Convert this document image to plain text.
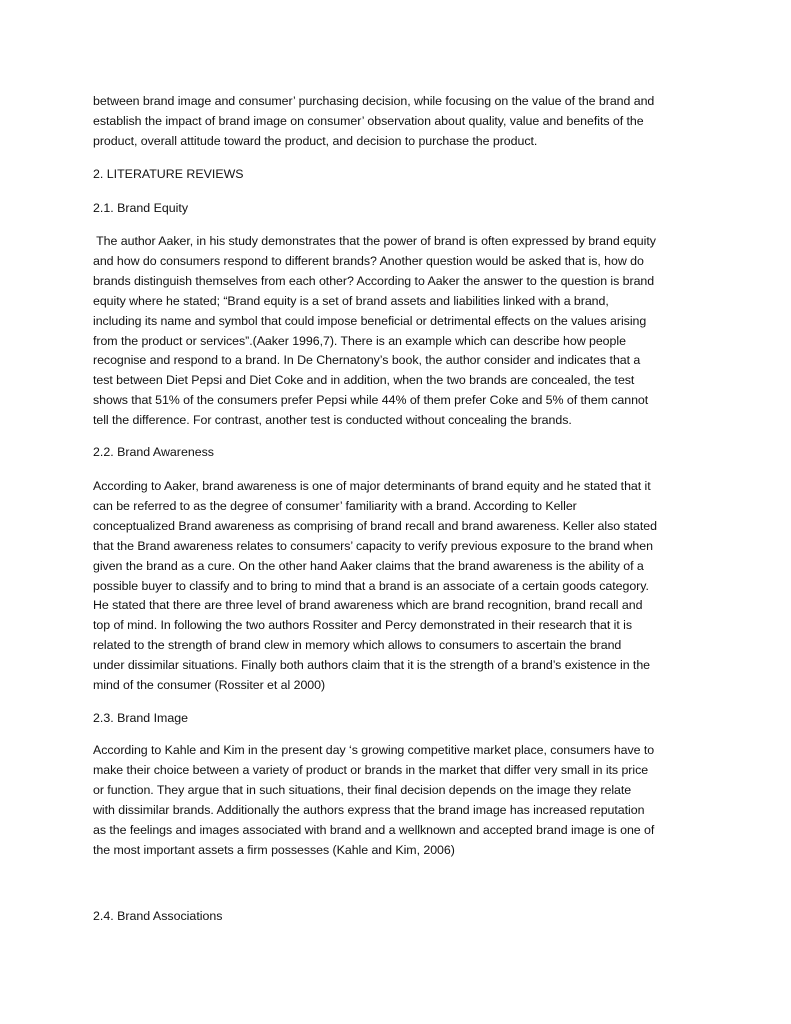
between brand image and consumer’ purchasing decision, while focusing on the value of the brand and
establish the impact of brand image on consumer’ observation about quality, value and benefits of the
product, overall attitude toward the product, and decision to purchase the product.

2. LITERATURE REVIEWS
2.1. Brand Equity

The author Aaker, in his study demonstrates that the power of brand is often expressed by brand equity
and how do consumers respond to different brands? Another question would be asked that is, how do
brands distinguish themselves from each other? According to Aaker the answer to the question is brand
equity where he stated; “Brand equity is a set of brand assets and liabilities linked with a brand,
including its name and symbol that could impose beneficial or detrimental effects on the values arising
from the product or services”.(Aaker 1996,7). There is an example which can describe how people
recognise and respond to a brand. In De Chernatony’s book, the author consider and indicates that a
test between Diet Pepsi and Diet Coke and in addition, when the two brands are concealed, the test
shows that 51% of the consumers prefer Pepsi while 44% of them prefer Coke and 5% of them cannot
tell the difference. For contrast, another test is conducted without concealing the brands.

2.2. Brand Awareness

According to Aaker, brand awareness is one of major determinants of brand equity and he stated that it
can be referred to as the degree of consumer’ familiarity with a brand. According to Keller
conceptualized Brand awareness as comprising of brand recall and brand awareness. Keller also stated
that the Brand awareness relates to consumers’ capacity to verify previous exposure to the brand when
given the brand as a cure. On the other hand Aaker claims that the brand awareness is the ability of a
possible buyer to classify and to bring to mind that a brand is an associate of a certain goods category.
He stated that there are three level of brand awareness which are brand recognition, brand recall and
top of mind. In following the two authors Rossiter and Percy demonstrated in their research that it is
related to the strength of brand clew in memory which allows to consumers to ascertain the brand
under dissimilar situations. Finally both authors claim that it is the strength of a brand’s existence in the
mind of the consumer (Rossiter et al 2000)

2.3. Brand Image

According to Kahle and Kim in the present day ‘s growing competitive market place, consumers have to
make their choice between a variety of product or brands in the market that differ very small in its price
or function. They argue that in such situations, their final decision depends on the image they relate
with dissimilar brands. Additionally the authors express that the brand image has increased reputation
as the feelings and images associated with brand and a wellknown and accepted brand image is one of
the most important assets a firm possesses (Kahle and Kim, 2006)

2.4. Brand Associations
